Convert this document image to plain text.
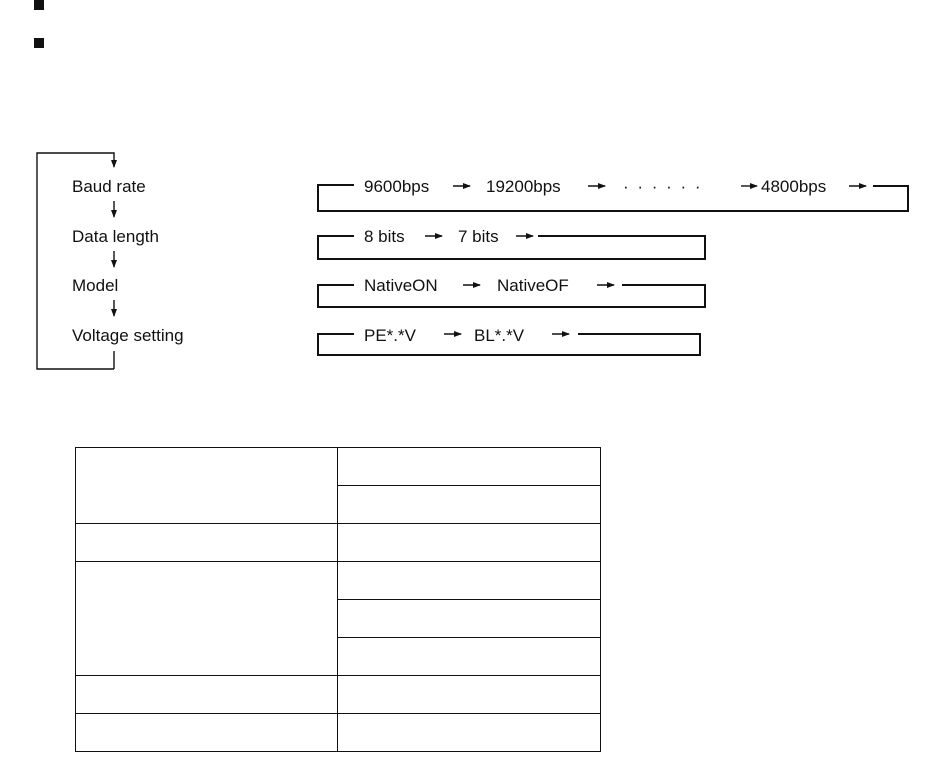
Baud rate
Data length
Model
Voltage setting
9600bps	19200bps	· · · · · ·	4800bps
8 bits	7 bits
NativeON	NativeOF
PE*.*V	BL*.*V
